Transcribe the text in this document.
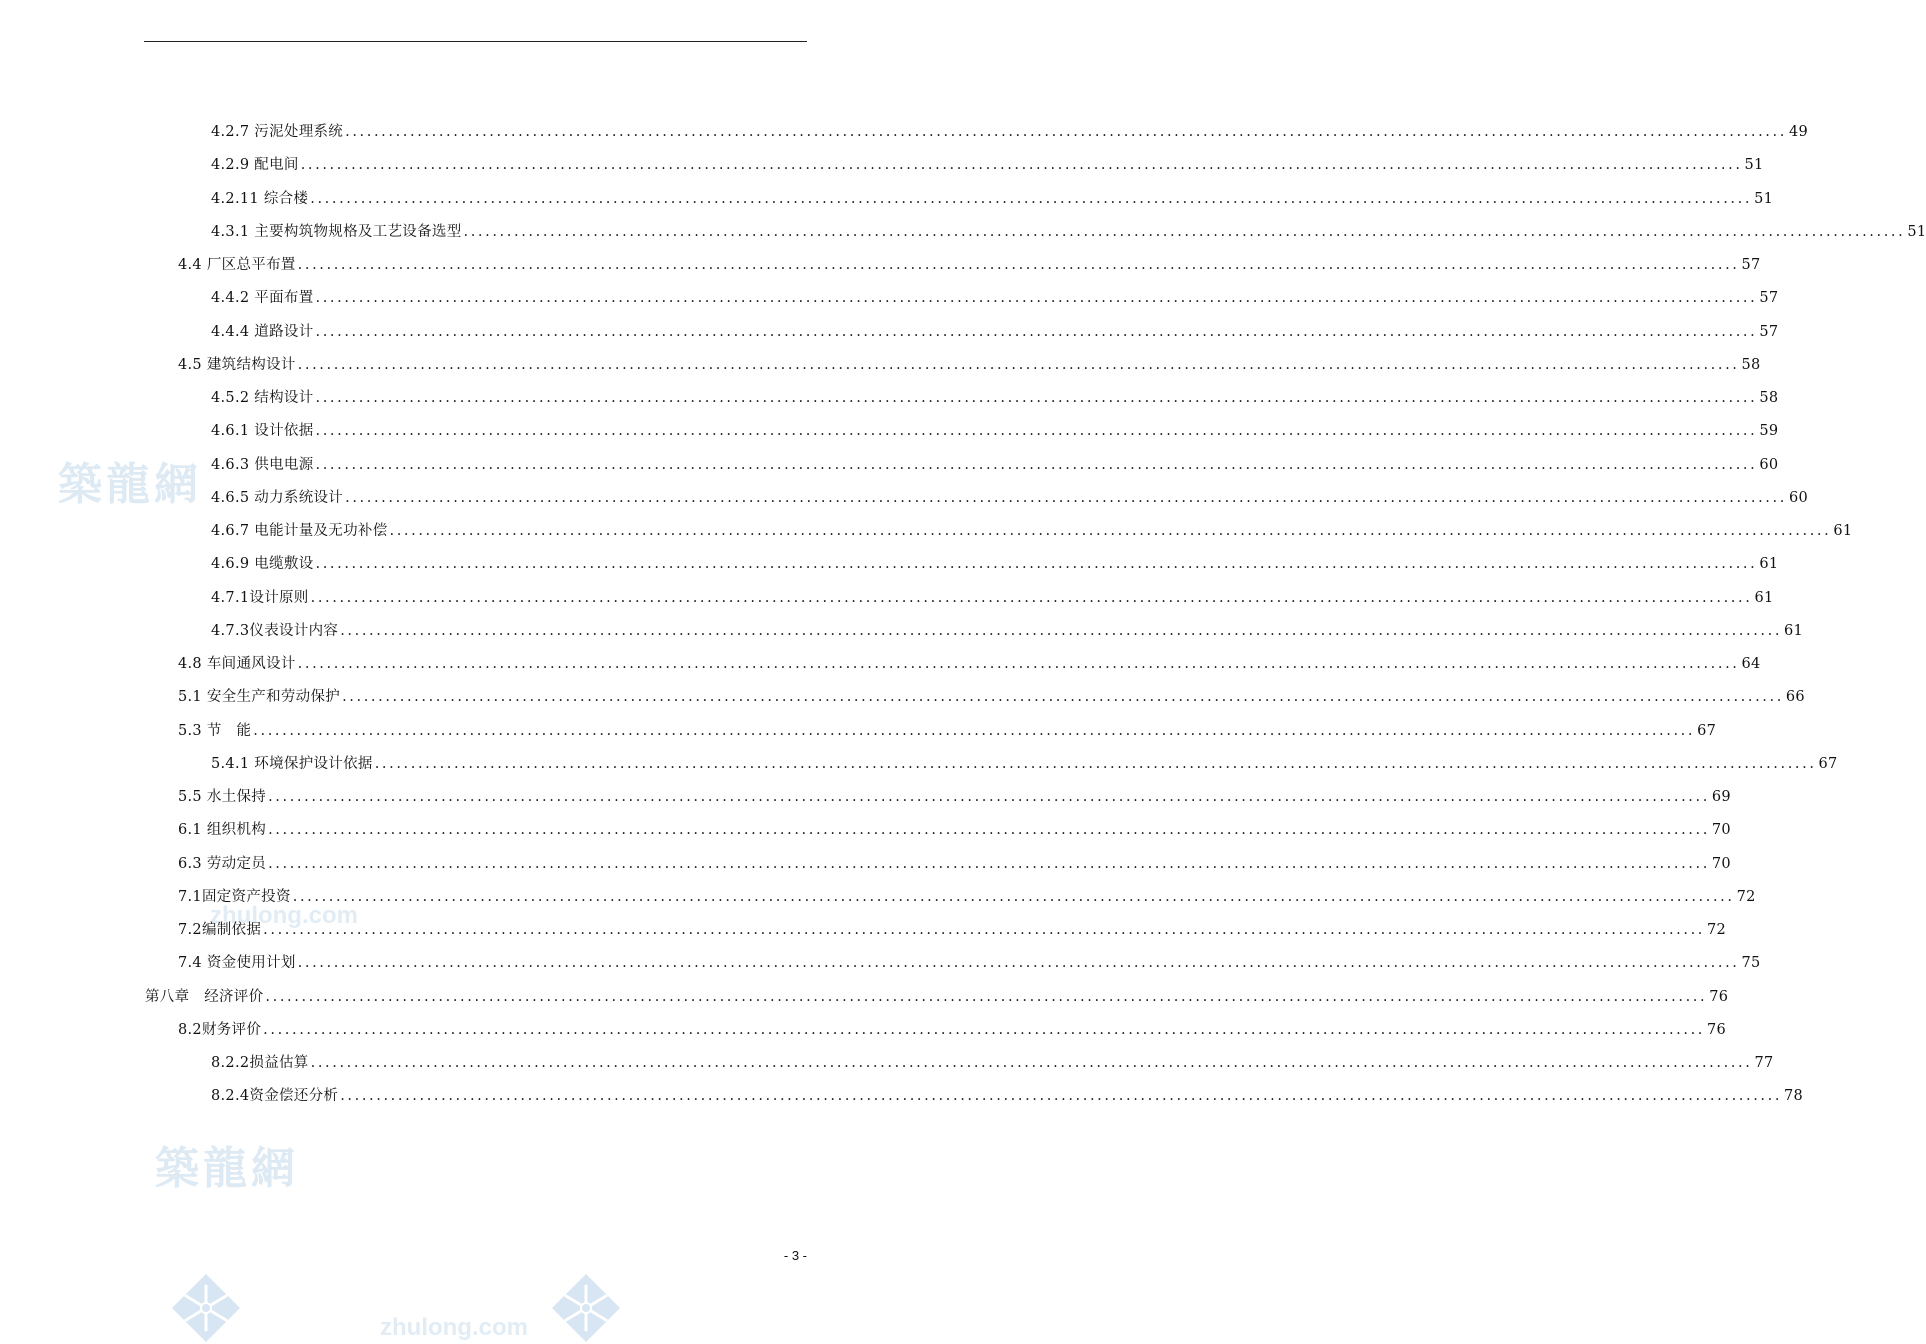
築龍網
築龍網
zhulong.com
zhulong.com
4.2.7 污泥处理系统 ........................................................................................................................................................................................................ 49
4.2.9 配电间 ........................................................................................................................................................................................................ 51
4.2.11 综合楼 ........................................................................................................................................................................................................ 51
4.3.1 主要构筑物规格及工艺设备选型 ........................................................................................................................................................................................................ 51
4.4 厂区总平布置 ........................................................................................................................................................................................................ 57
4.4.2 平面布置 ........................................................................................................................................................................................................ 57
4.4.4 道路设计 ........................................................................................................................................................................................................ 57
4.5 建筑结构设计 ........................................................................................................................................................................................................ 58
4.5.2 结构设计 ........................................................................................................................................................................................................ 58
4.6.1 设计依据 ........................................................................................................................................................................................................ 59
4.6.3 供电电源 ........................................................................................................................................................................................................ 60
4.6.5 动力系统设计 ........................................................................................................................................................................................................ 60
4.6.7 电能计量及无功补偿 ........................................................................................................................................................................................................ 61
4.6.9 电缆敷设 ........................................................................................................................................................................................................ 61
4.7.1设计原则 ........................................................................................................................................................................................................ 61
4.7.3仪表设计内容 ........................................................................................................................................................................................................ 61
4.8 车间通风设计 ........................................................................................................................................................................................................ 64
5.1 安全生产和劳动保护 ........................................................................................................................................................................................................ 66
5.3 节　能 ........................................................................................................................................................................................................ 67
5.4.1 环境保护设计依据 ........................................................................................................................................................................................................ 67
5.5 水土保持 ........................................................................................................................................................................................................ 69
6.1 组织机构 ........................................................................................................................................................................................................ 70
6.3 劳动定员 ........................................................................................................................................................................................................ 70
7.1固定资产投资 ........................................................................................................................................................................................................ 72
7.2编制依据 ........................................................................................................................................................................................................ 72
7.4 资金使用计划 ........................................................................................................................................................................................................ 75
第八章　经济评价 ........................................................................................................................................................................................................ 76
8.2财务评价 ........................................................................................................................................................................................................ 76
8.2.2损益估算 ........................................................................................................................................................................................................ 77
8.2.4资金偿还分析 ........................................................................................................................................................................................................ 78
- 3 -
